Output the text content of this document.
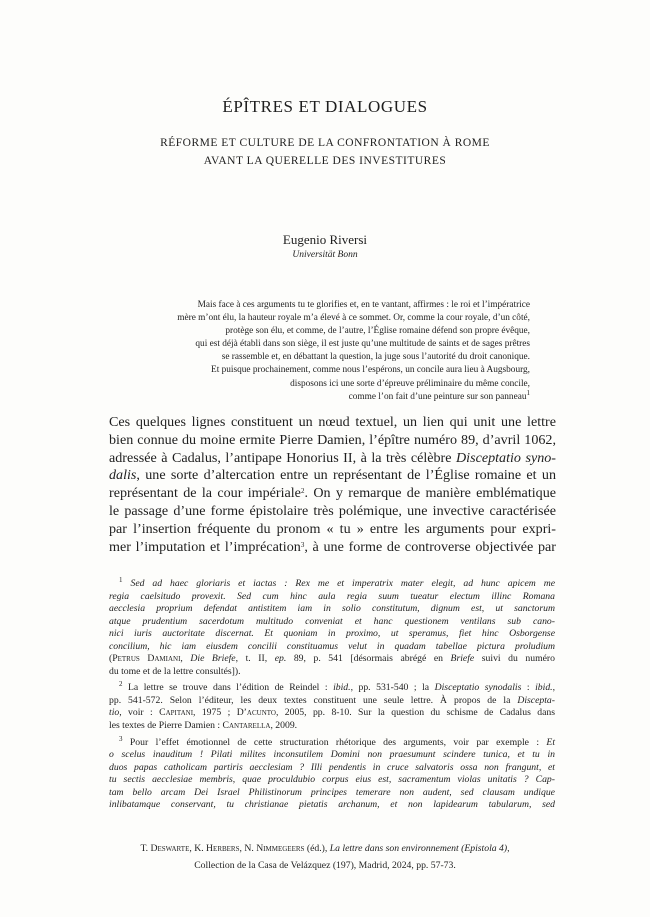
ÉPÎTRES ET DIALOGUES
RÉFORME ET CULTURE DE LA CONFRONTATION À ROME
AVANT LA QUERELLE DES INVESTITURES
Eugenio Riversi
Universität Bonn
Mais face à ces arguments tu te glorifies et, en te vantant, affirmes : le roi et l’impératrice
mère m’ont élu, la hauteur royale m’a élevé à ce sommet. Or, comme la cour royale, d’un côté,
protège son élu, et comme, de l’autre, l’Église romaine défend son propre évêque,
qui est déjà établi dans son siège, il est juste qu’une multitude de saints et de sages prêtres
se rassemble et, en débattant la question, la juge sous l’autorité du droit canonique.
Et puisque prochainement, comme nous l’espérons, un concile aura lieu à Augsbourg,
disposons ici une sorte d’épreuve préliminaire du même concile,
comme l’on fait d’une peinture sur son panneau$^1$
Ces quelques lignes constituent un nœud textuel, un lien qui unit une lettre
bien connue du moine ermite Pierre Damien, l’épître numéro 89, d’avril 1062,
adressée à Cadalus, l’antipape Honorius II, à la très célèbre Disceptatio syno-
dalis, une sorte d’altercation entre un représentant de l’Église romaine et un
représentant de la cour impériale$^2$. On y remarque de manière emblématique
le passage d’une forme épistolaire très polémique, une invective caractérisée
par l’insertion fréquente du pronom « tu » entre les arguments pour expri-
mer l’imputation et l’imprécation$^3$, à une forme de controverse objectivée par
$^1$ Sed ad haec gloriaris et iactas : Rex me et imperatrix mater elegit, ad hunc apicem me
regia caelsitudo provexit. Sed cum hinc aula regia suum tueatur electum illinc Romana
aecclesia proprium defendat antistitem iam in solio constitutum, dignum est, ut sanctorum
atque prudentium sacerdotum multitudo conveniat et hanc questionem ventilans sub cano-
nici iuris auctoritate discernat. Et quoniam in proximo, ut speramus, fiet hinc Osborgense
concilium, hic iam eiusdem concilii constituamus velut in quadam tabellae pictura proludium
(Petrus Damiani, Die Briefe, t. II, ep. 89, p. 541 [désormais abrégé en Briefe suivi du numéro
du tome et de la lettre consultés]).
$^2$ La lettre se trouve dans l’édition de Reindel : ibid., pp. 531-540 ; la Disceptatio synodalis : ibid.,
pp. 541-572. Selon l’éditeur, les deux textes constituent une seule lettre. À propos de la Discepta-
tio, voir : Capitani, 1975 ; D’acunto, 2005, pp. 8-10. Sur la question du schisme de Cadalus dans
les textes de Pierre Damien : Cantarella, 2009.
$^3$ Pour l’effet émotionnel de cette structuration rhétorique des arguments, voir par exemple : Et
o scelus inauditum ! Pilati milites inconsutilem Domini non praesumunt scindere tunica, et tu in
duos papas catholicam partiris aecclesiam ? Illi pendentis in cruce salvatoris ossa non frangunt, et
tu sectis aecclesiae membris, quae proculdubio corpus eius est, sacramentum violas unitatis ? Cap-
tam bello arcam Dei Israel Philistinorum principes temerare non audent, sed clausam undique
inlibatamque conservant, tu christianae pietatis archanum, et non lapidearum tabularum, sed
T. Deswarte, K. Herbers, N. Nimmegeers (éd.), La lettre dans son environnement (Epistola 4),
Collection de la Casa de Velázquez (197), Madrid, 2024, pp. 57-73.
